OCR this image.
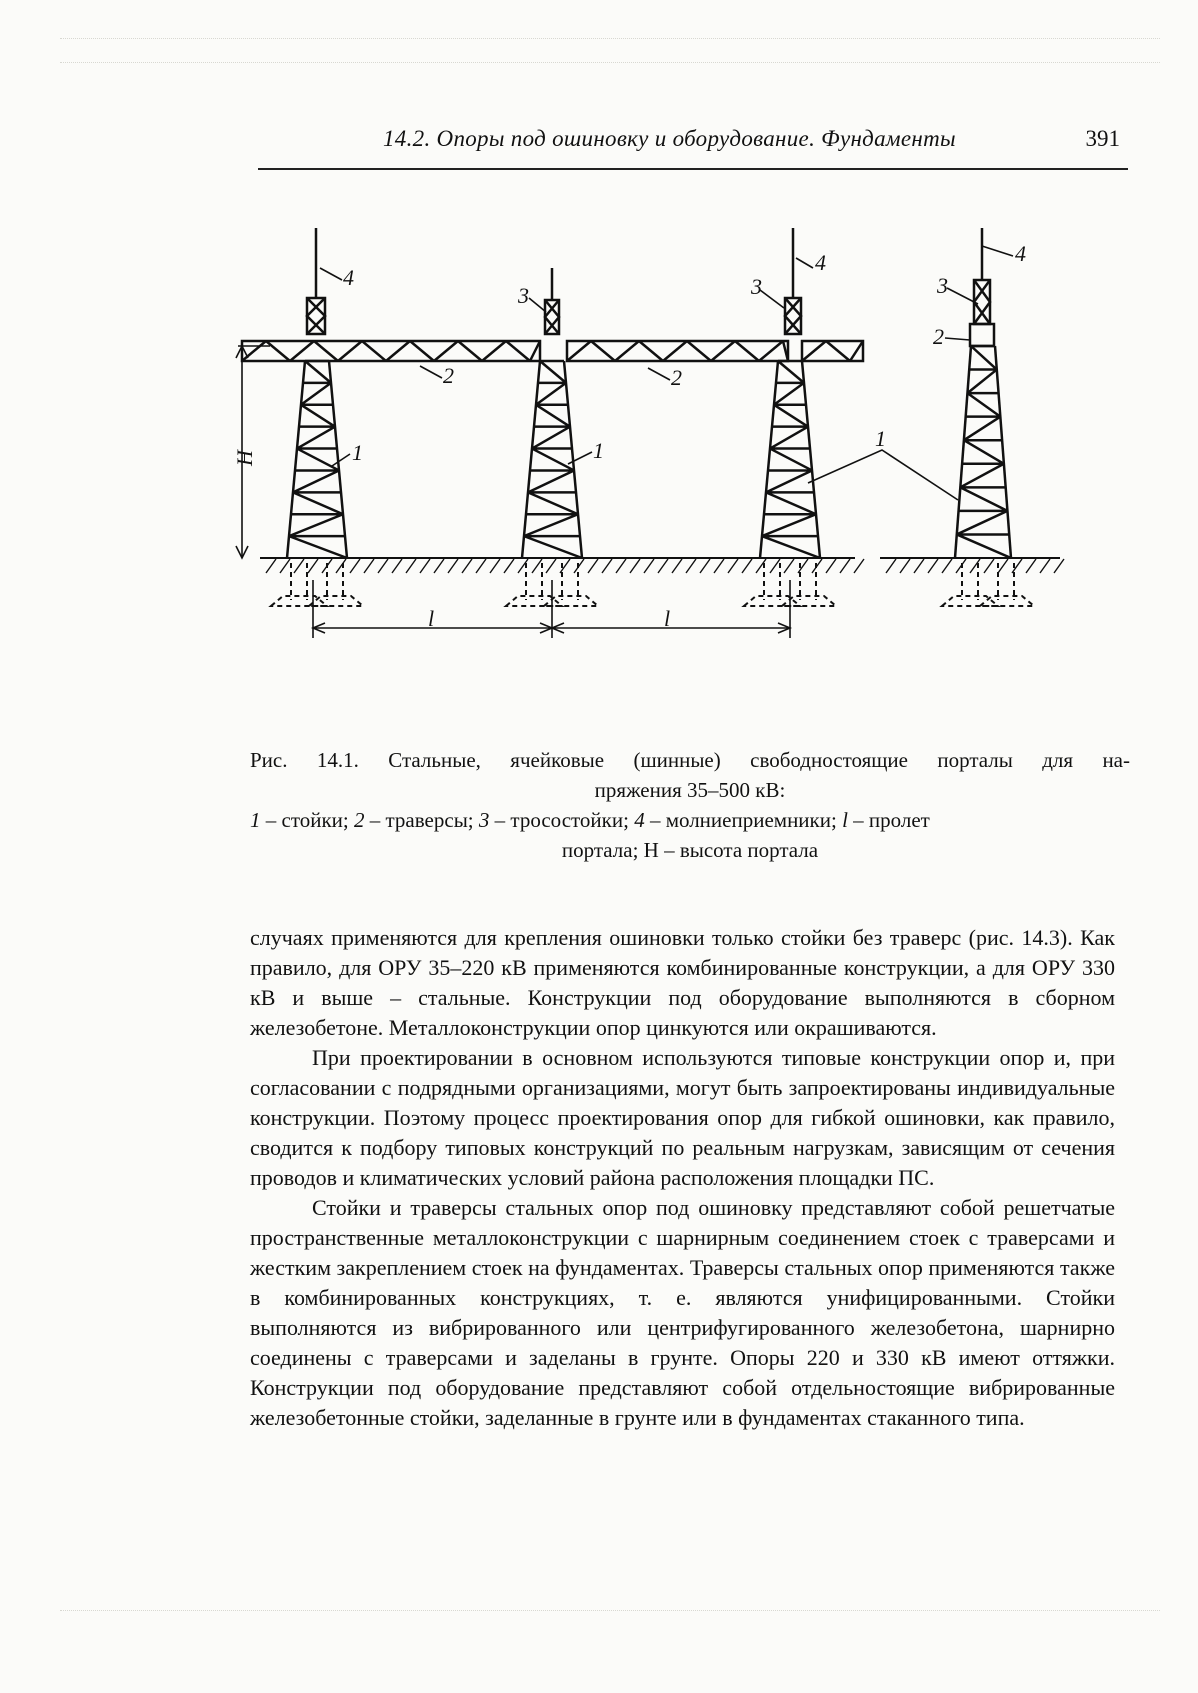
14.2. Опоры под ошиновку и оборудование. Фундаменты	391
4
3
4
3
4
3
2
2	2
1	1	1
H
l	l
Рис. 14.1. Стальные, ячейковые (шинные) свободностоящие порталы для на-
пряжения 35–500 кВ:
1 – стойки; 2 – траверсы; 3 – тросостойки; 4 – молниеприемники; l – пролет
портала; Н – высота портала

случаях применяются для крепления ошиновки только стойки без траверс (рис. 14.3). Как правило, для ОРУ 35–220 кВ применяются комбинированные конструкции, а для ОРУ 330 кВ и выше – стальные. Конструкции под оборудование выполняются в сборном железобетоне. Металлоконструкции опор цинкуются или окрашиваются.

При проектировании в основном используются типовые конструкции опор и, при согласовании с подрядными организациями, могут быть запроектированы индивидуальные конструкции. Поэтому процесс проектирования опор для гибкой ошиновки, как правило, сводится к подбору типовых конструкций по реальным нагрузкам, зависящим от сечения проводов и климатических условий района расположения площадки ПС.

Стойки и траверсы стальных опор под ошиновку представляют собой решетчатые пространственные металлоконструкции с шарнирным соединением стоек с траверсами и жестким закреплением стоек на фундаментах. Траверсы стальных опор применяются также в комбинированных конструкциях, т. е. являются унифицированными. Стойки выполняются из вибрированного или центрифугированного железобетона, шарнирно соединены с траверсами и заделаны в грунте. Опоры 220 и 330 кВ имеют оттяжки. Конструкции под оборудование представляют собой отдельностоящие вибрированные железобетонные стойки, заделанные в грунте или в фундаментах стаканного типа.
